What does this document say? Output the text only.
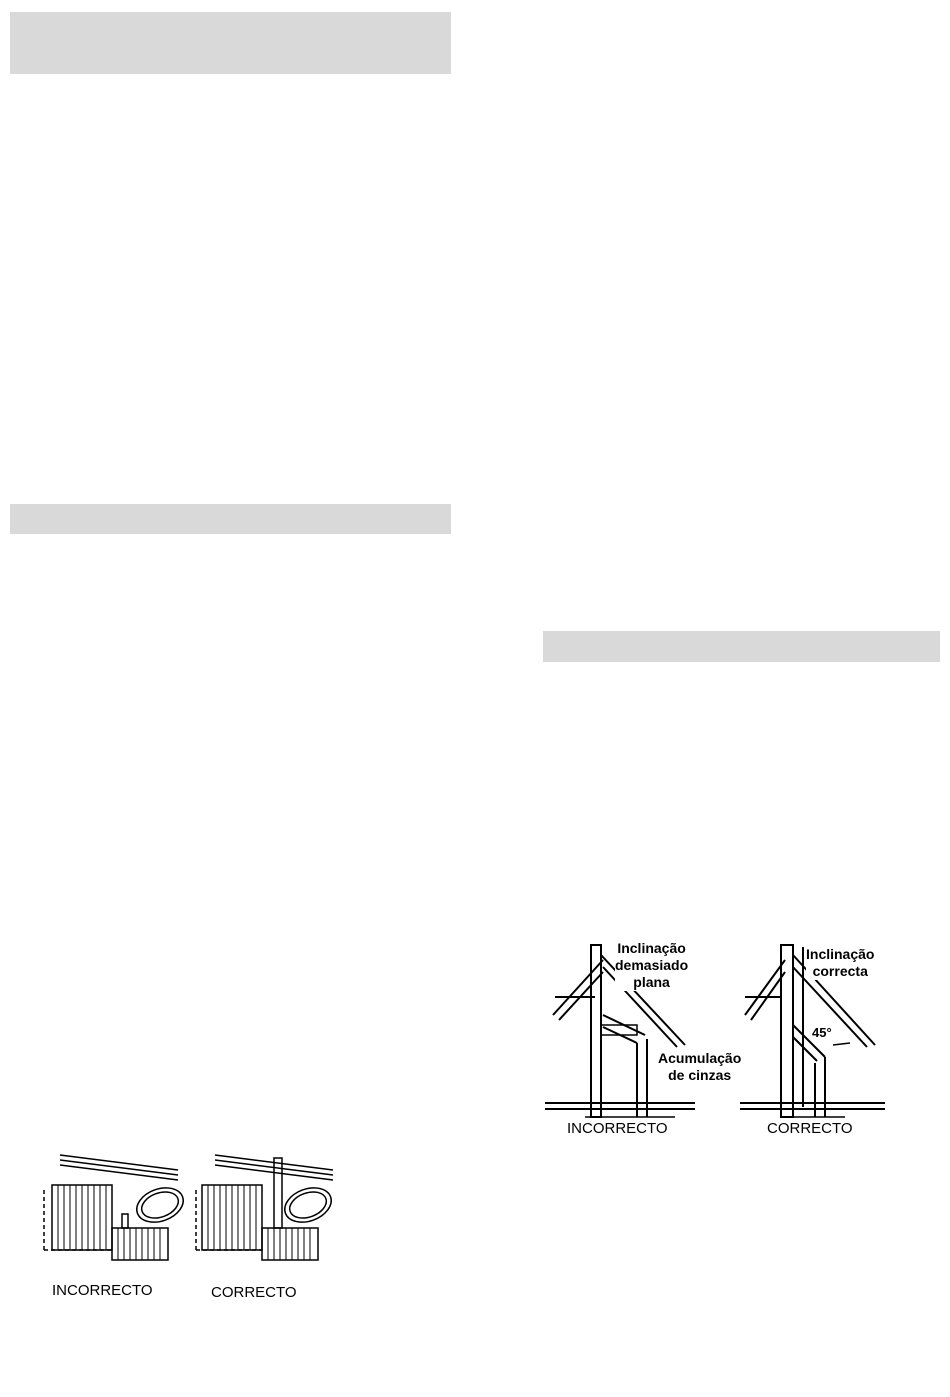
INCORRECTO	CORRECTO
Inclinação
demasiado
plana
Acumulação
de cinzas
Inclinação
correcta
45°
INCORRECTO	CORRECTO
